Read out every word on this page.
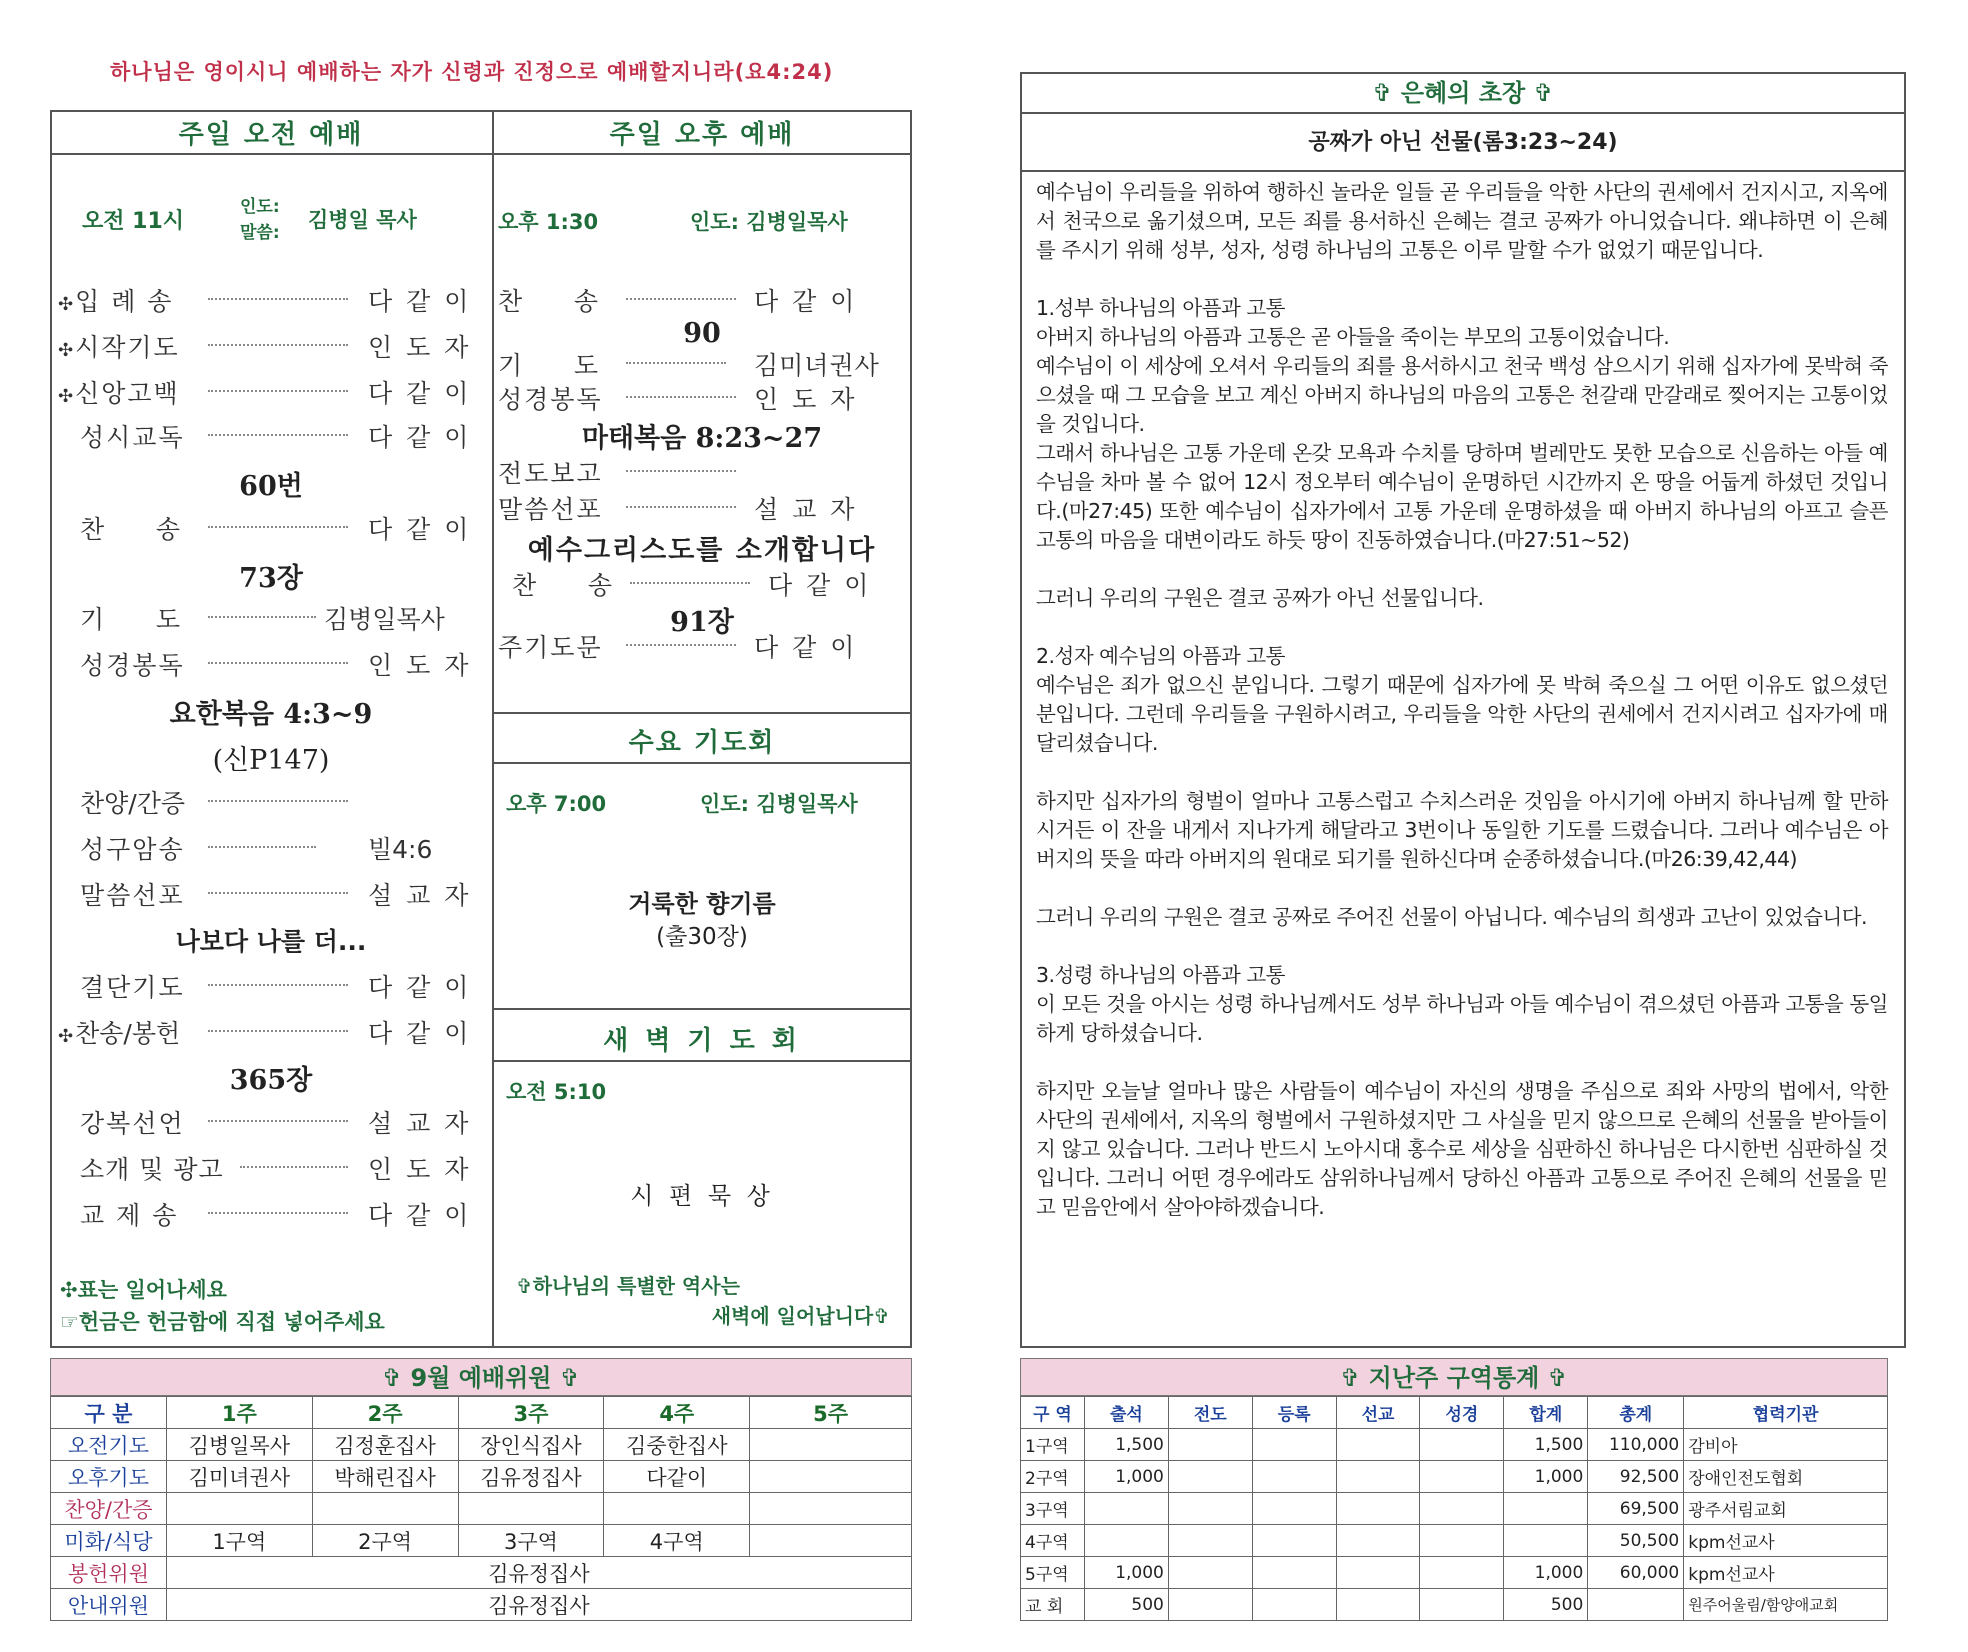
하나님은 영이시니 예배하는 자가 신령과 진정으로 예배할지니라(요4:24)
주일 오전 예배
오전 11시
인도:
말씀:
김병일 목사
✣입 례 송	다 같 이
✣시작기도	인 도 자
✣신앙고백	다 같 이
성시교독	다 같 이
60번
찬     송	다 같 이
73장
기     도	김병일목사
성경봉독	인 도 자
요한복음 4:3~9
(신P147)
찬양/간증
성구암송	빌4:6
말씀선포	설 교 자
나보다 나를 더...
결단기도	다 같 이
✣찬송/봉헌	다 같 이
365장
강복선언	설 교 자
소개 및 광고	인 도 자
교 제 송	다 같 이
✣표는 일어나세요
☞헌금은 헌금함에 직접 넣어주세요
주일 오후 예배
오후 1:30	인도: 김병일목사
찬     송	다 같 이
90
기     도	김미녀권사
성경봉독	인 도 자
마태복음 8:23~27
전도보고
말씀선포	설 교 자
예수그리스도를 소개합니다
찬     송	다 같 이
91장
주기도문	다 같 이
수요 기도회
오후 7:00	인도: 김병일목사
거룩한 향기름
(출30장)
새 벽 기 도 회
오전 5:10
시 편 묵 상
✞하나님의 특별한 역사는
새벽에 일어납니다✞
✞ 9월 예배위원 ✞
구 분	1주	2주	3주	4주	5주
오전기도	김병일목사	김정훈집사	장인식집사	김중한집사	
오후기도	김미녀권사	박해린집사	김유정집사	다같이	
찬양/간증					
미화/식당	1구역	2구역	3구역	4구역	
봉헌위원	김유정집사				
안내위원	김유정집사				
✞ 은혜의 초장 ✞
공짜가 아닌 선물(롬3:23~24)

예수님이 우리들을 위하여 행하신 놀라운 일들 곧 우리들을 악한 사단의 권세에서 건지시고, 지옥에서 천국으로 옮기셨으며, 모든 죄를 용서하신 은혜는 결코 공짜가 아니었습니다. 왜냐하면 이 은혜를 주시기 위해 성부, 성자, 성령 하나님의 고통은 이루 말할 수가 없었기 때문입니다.

1.성부 하나님의 아픔과 고통
아버지 하나님의 아픔과 고통은 곧 아들을 죽이는 부모의 고통이었습니다.
예수님이 이 세상에 오셔서 우리들의 죄를 용서하시고 천국 백성 삼으시기 위해 십자가에 못박혀 죽으셨을 때 그 모습을 보고 계신 아버지 하나님의 마음의 고통은 천갈래 만갈래로 찢어지는 고통이었을 것입니다.
그래서 하나님은 고통 가운데 온갖 모욕과 수치를 당하며 벌레만도 못한 모습으로 신음하는 아들 예수님을 차마 볼 수 없어 12시 정오부터 예수님이 운명하던 시간까지 온 땅을 어둡게 하셨던 것입니다.(마27:45) 또한 예수님이 십자가에서 고통 가운데 운명하셨을 때 아버지 하나님의 아프고 슬픈 고통의 마음을 대변이라도 하듯 땅이 진동하였습니다.(마27:51~52)

그러니 우리의 구원은 결코 공짜가 아닌 선물입니다.

2.성자 예수님의 아픔과 고통
예수님은 죄가 없으신 분입니다. 그렇기 때문에 십자가에 못 박혀 죽으실 그 어떤 이유도 없으셨던 분입니다. 그런데 우리들을 구원하시려고, 우리들을 악한 사단의 권세에서 건지시려고 십자가에 매달리셨습니다.

하지만 십자가의 형벌이 얼마나 고통스럽고 수치스러운 것임을 아시기에 아버지 하나님께 할 만하시거든 이 잔을 내게서 지나가게 해달라고 3번이나 동일한 기도를 드렸습니다. 그러나 예수님은 아버지의 뜻을 따라 아버지의 원대로 되기를 원하신다며 순종하셨습니다.(마26:39,42,44)

그러니 우리의 구원은 결코 공짜로 주어진 선물이 아닙니다. 예수님의 희생과 고난이 있었습니다.

3.성령 하나님의 아픔과 고통
이 모든 것을 아시는 성령 하나님께서도 성부 하나님과 아들 예수님이 겪으셨던 아픔과 고통을 동일하게 당하셨습니다.

하지만 오늘날 얼마나 많은 사람들이 예수님이 자신의 생명을 주심으로 죄와 사망의 법에서, 악한 사단의 권세에서, 지옥의 형벌에서 구원하셨지만 그 사실을 믿지 않으므로 은혜의 선물을 받아들이지 않고 있습니다. 그러나 반드시 노아시대 홍수로 세상을 심판하신 하나님은 다시한번 심판하실 것입니다. 그러니 어떤 경우에라도 삼위하나님께서 당하신 아픔과 고통으로 주어진 은혜의 선물을 믿고 믿음안에서 살아야하겠습니다.

✞ 지난주 구역통계 ✞
구 역	출석	전도	등록	선교	성경	합계	총계	협력기관
1구역	1,500					1,500	110,000	감비아
2구역	1,000					1,000	92,500	장애인전도협회
3구역							69,500	광주서림교회
4구역							50,500	kpm선교사
5구역	1,000					1,000	60,000	kpm선교사
교 회	500					500		원주어울림/함양애교회
